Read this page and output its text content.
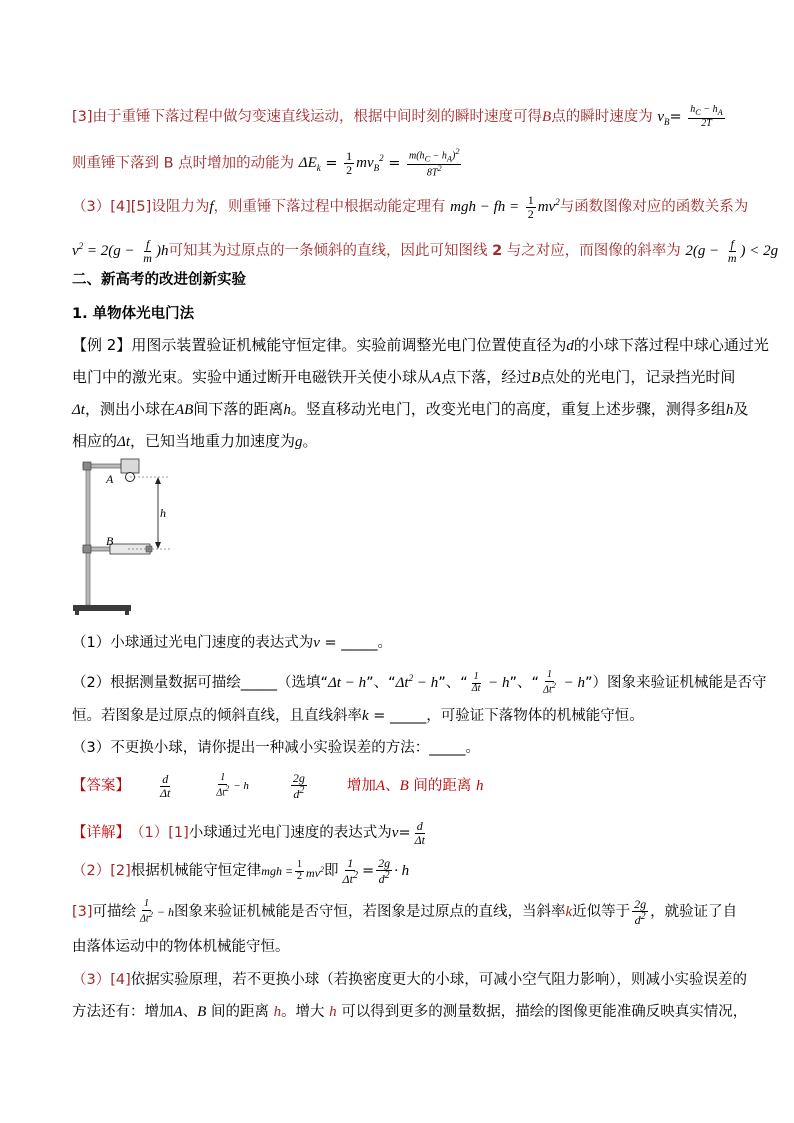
[3]由于重锤下落过程中做匀变速直线运动，根据中间时刻的瞬时速度可得B点的瞬时速度为 $v_B= \frac{h_C - h_A}{2T}$
则重锤下落到 B 点时增加的动能为 $\Delta E_k = \frac{1}{2} mv_B^2 = \frac{m(h_C - h_A)^2}{8T^2}$
（3）[4][5]设阻力为f，则重锤下落过程中根据动能定理有 mgh − fh = $\frac{1}{2} mv^2$与函数图像对应的函数关系为
$v^2 = 2(g - \frac{f}{m} )h$可知其为过原点的一条倾斜的直线，因此可知图线 2 与之对应，而图像的斜率为 $2(g - \frac{f}{m}$ ) < 2g
二、新高考的改进创新实验
1. 单物体光电门法
【例 2】用图示装置验证机械能守恒定律。实验前调整光电门位置使直径为d的小球下落过程中球心通过光
电门中的激光束。实验中通过断开电磁铁开关使小球从A点下落，经过B点处的光电门，记录挡光时间
Δt，测出小球在AB间下落的距离h。竖直移动光电门，改变光电门的高度，重复上述步骤，测得多组h及
相应的Δt，已知当地重力加速度为g。
A
B
h
（1）小球通过光电门速度的表达式为v = _____。
（2）根据测量数据可描绘_____（选填“Δt − h”、“$\Delta t^2 - h$”、“ $\frac{1}{\Delta t} - h$”、“ $\frac{1}{\Delta t^2}$ − h”）图象来验证机械能是否守
恒。若图象是过原点的倾斜直线，且直线斜率k = _____，可验证下落物体的机械能守恒。
（3）不更换小球，请你提出一种减小实验误差的方法：_____。
【答案】 $\frac{d}{\Delta t}$	$\frac{1}{\Delta t^2} - h$	$\frac{2g}{d^2}$	增加A、B 间的距离 h
【详解】 （1） [1] 小球通过光电门速度的表达式为 $v = \frac{d}{\Delta t}$
（2） [2] 根据机械能守恒定律 mgh = $\frac{1}{2} mv^2$ 即 $\frac{1}{\Delta t^2} = \frac{2g}{d^2} \cdot h$
[3] 可描绘 $\frac{1}{\Delta t^2} - h$ 图象来验证机械能是否守恒，若图象是过原点的直线，当斜率 k 近似等于 $\frac{2g}{d^2}$ ，就验证了自
由落体运动中的物体机械能守恒。
（3）[4]依据实验原理，若不更换小球（若换密度更大的小球，可减小空气阻力影响），则减小实验误差的
方法还有：增加A、B 间的距离 h。增大 h 可以得到更多的测量数据，描绘的图像更能准确反映真实情况，
